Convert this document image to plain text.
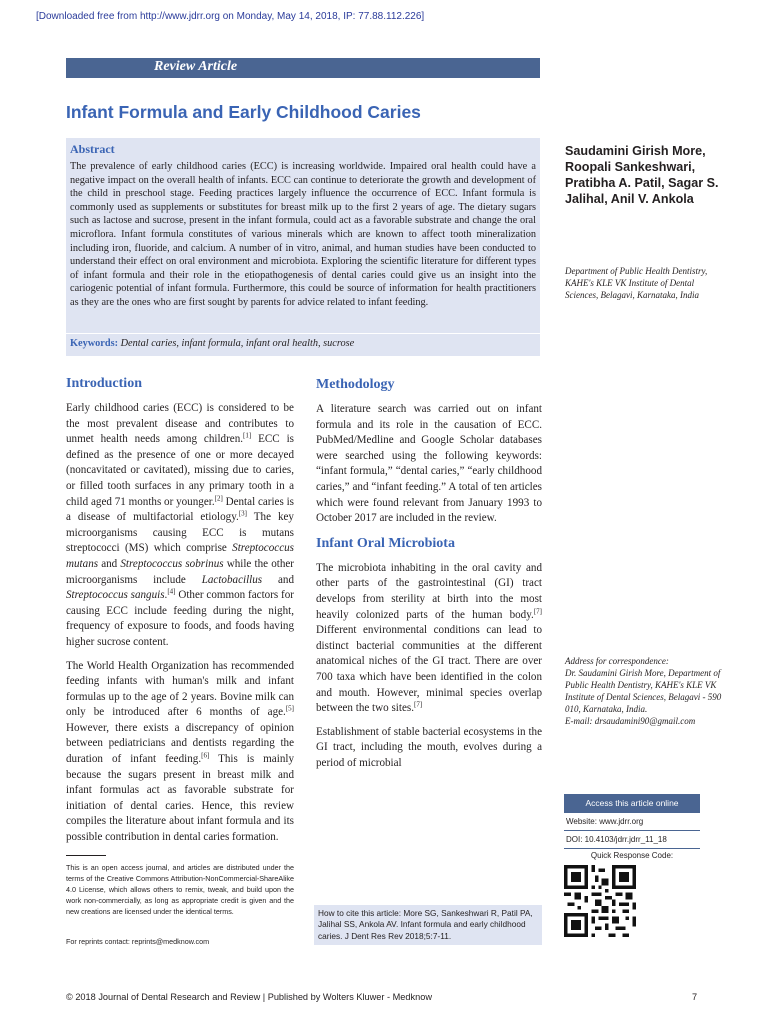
[Downloaded free from http://www.jdrr.org on Monday, May 14, 2018, IP: 77.88.112.226]
Review Article
Infant Formula and Early Childhood Caries
Abstract
The prevalence of early childhood caries (ECC) is increasing worldwide. Impaired oral health could have a negative impact on the overall health of infants. ECC can continue to deteriorate the growth and development of the child in preschool stage. Feeding practices largely influence the occurrence of ECC. Infant formula is commonly used as supplements or substitutes for breast milk up to the first 2 years of age. The dietary sugars such as lactose and sucrose, present in the infant formula, could act as a favorable substrate and change the oral microflora. Infant formula constitutes of various minerals which are known to affect tooth mineralization including iron, fluoride, and calcium. A number of in vitro, animal, and human studies have been conducted to understand their effect on oral environment and microbiota. Exploring the scientific literature for different types of infant formula and their role in the etiopathogenesis of dental caries could give us an insight into the cariogenic potential of infant formula. Furthermore, this could be source of information for health practitioners as they are the ones who are first sought by parents for advice related to infant feeding.
Keywords: Dental caries, infant formula, infant oral health, sucrose
Saudamini Girish More, Roopali Sankeshwari, Pratibha A. Patil, Sagar S. Jalihal, Anil V. Ankola
Department of Public Health Dentistry, KAHE's KLE VK Institute of Dental Sciences, Belagavi, Karnataka, India
Introduction

Early childhood caries (ECC) is considered to be the most prevalent disease and contributes to unmet health needs among children.[1] ECC is defined as the presence of one or more decayed (noncavitated or cavitated), missing due to caries, or filled tooth surfaces in any primary tooth in a child aged 71 months or younger.[2] Dental caries is a disease of multifactorial etiology.[3] The key microorganisms causing ECC is mutans streptococci (MS) which comprise Streptococcus mutans and Streptococcus sobrinus while the other microorganisms include Lactobacillus and Streptococcus sanguis.[4] Other common factors for causing ECC include feeding during the night, frequency of exposure to foods, and foods having higher sucrose content.

The World Health Organization has recommended feeding infants with human's milk and infant formulas up to the age of 2 years. Bovine milk can only be introduced after 6 months of age.[5] However, there exists a discrepancy of opinion between pediatricians and dentists regarding the duration of infant feeding.[6] This is mainly because the sugars present in breast milk and infant formulas act as favorable substrate for initiation of dental caries. Hence, this review compiles the literature about infant formula and its possible contribution in dental caries formation.

Methodology

A literature search was carried out on infant formula and its role in the causation of ECC. PubMed/Medline and Google Scholar databases were searched using the following keywords: “infant formula,” “dental caries,” “early childhood caries,” and “infant feeding.” A total of ten articles which were found relevant from January 1993 to October 2017 are included in the review.

Infant Oral Microbiota

The microbiota inhabiting in the oral cavity and other parts of the gastrointestinal (GI) tract develops from sterility at birth into the most heavily colonized parts of the human body.[7] Different environmental conditions can lead to distinct bacterial communities at the different anatomical niches of the GI tract. There are over 700 taxa which have been identified in the colon and mouth. However, minimal species overlap between the two sites.[7]

Establishment of stable bacterial ecosystems in the GI tract, including the mouth, evolves during a period of microbial

This is an open access journal, and articles are distributed under the terms of the Creative Commons Attribution-NonCommercial-ShareAlike 4.0 License, which allows others to remix, tweak, and build upon the work non-commercially, as long as appropriate credit is given and the new creations are licensed under the identical terms.
For reprints contact: reprints@medknow.com
How to cite this article: More SG, Sankeshwari R, Patil PA, Jalihal SS, Ankola AV. Infant formula and early childhood caries. J Dent Res Rev 2018;5:7-11.
Address for correspondence:
Dr. Saudamini Girish More, Department of Public Health Dentistry, KAHE's KLE VK Institute of Dental Sciences, Belagavi - 590 010, Karnataka, India.
E-mail: drsaudamini90@gmail.com
Access this article online
Website: www.jdrr.org
DOI: 10.4103/jdrr.jdrr_11_18
Quick Response Code:
© 2018 Journal of Dental Research and Review | Published by Wolters Kluwer - Medknow	7
